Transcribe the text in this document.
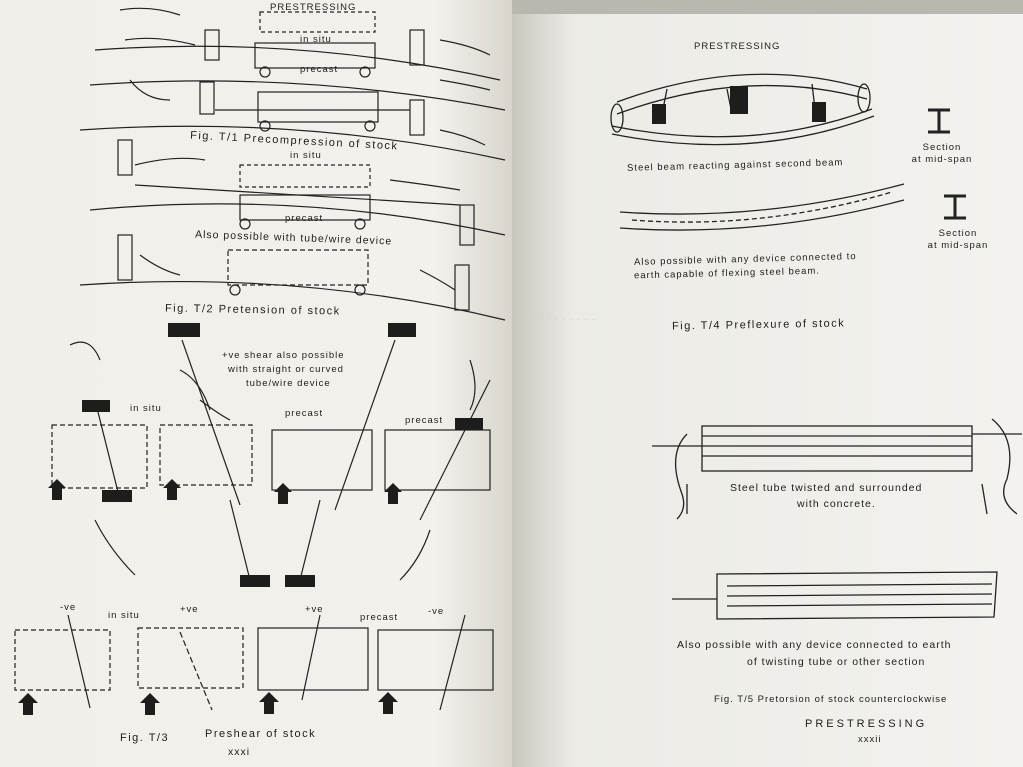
PRESTRESSING
in situ
precast
Fig. T/1 Precompression of stock
in situ
precast
Also possible with tube/wire device
Fig. T/2 Pretension of stock
+ve shear also possible
with straight or curved
tube/wire device
in situ	precast
precast
-ve
in situ
+ve	+ve
precast
-ve
Fig. T/3	Preshear of stock
xxxi
· · · · · · · · ·
PRESTRESSING
Steel beam reacting against second beam
Section
at mid-span
Section
at mid-span
Also possible with any device connected to
earth capable of flexing steel beam.
Fig. T/4 Preflexure of stock
Steel tube twisted and surrounded
with concrete.
Also possible with any device connected to earth
of twisting tube or other section
Fig. T/5 Pretorsion of stock counterclockwise
PRESTRESSING
xxxii
